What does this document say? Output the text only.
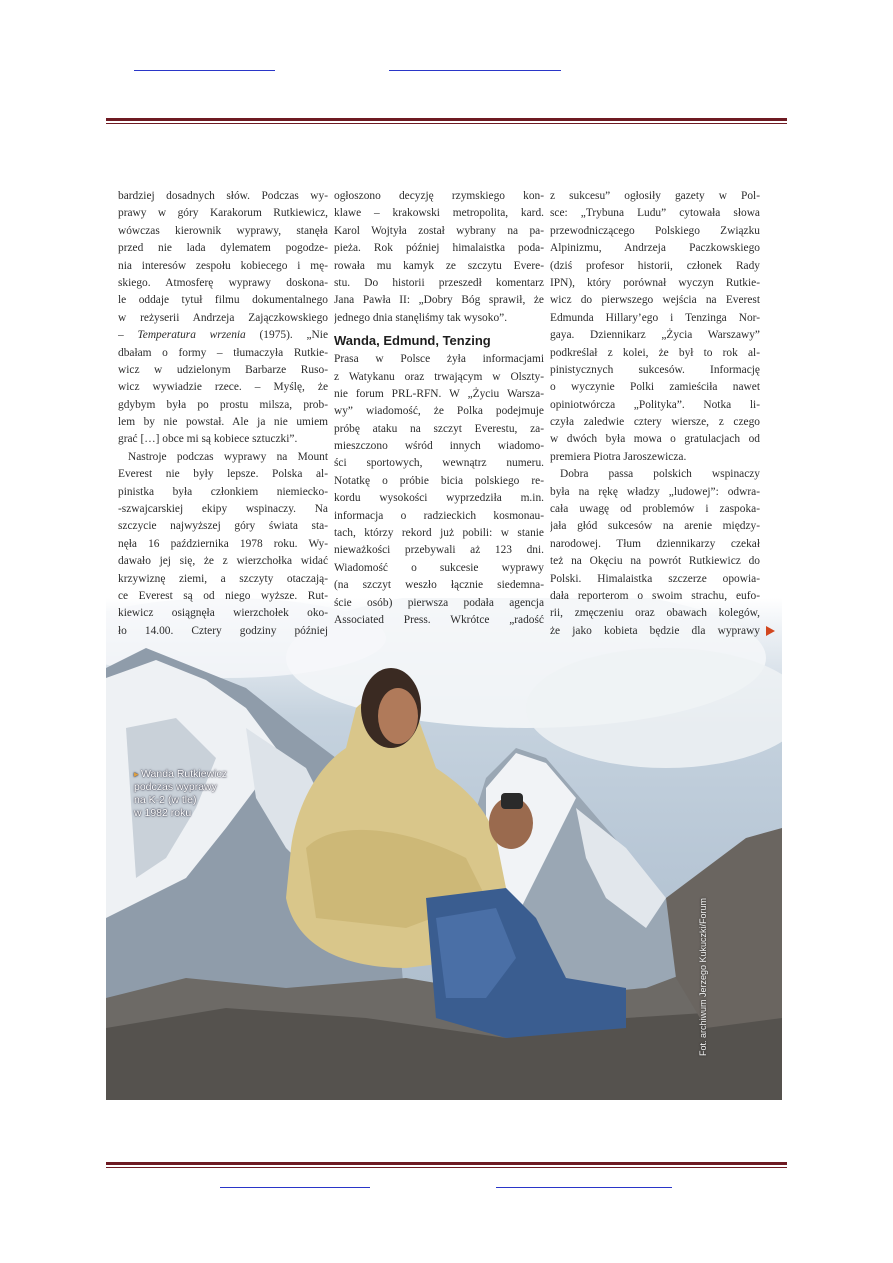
bardziej dosadnych słów. Podczas wy-
prawy w góry Karakorum Rutkiewicz,
wówczas kierownik wyprawy, stanęła
przed nie lada dylematem pogodze-
nia interesów zespołu kobiecego i mę-
skiego. Atmosferę wyprawy doskona-
le oddaje tytuł filmu dokumentalnego
w reżyserii Andrzeja Zajączkowskiego
– Temperatura wrzenia (1975). „Nie
dbałam o formy – tłumaczyła Rutkie-
wicz w udzielonym Barbarze Ruso-
wicz wywiadzie rzece. – Myślę, że
gdybym była po prostu milsza, prob-
lem by nie powstał. Ale ja nie umiem
grać […] obce mi są kobiece sztuczki”.
Nastroje podczas wyprawy na Mount
Everest nie były lepsze. Polska al-
pinistka była członkiem niemiecko-
-szwajcarskiej ekipy wspinaczy. Na
szczycie najwyższej góry świata sta-
nęła 16 października 1978 roku. Wy-
dawało jej się, że z wierzchołka widać
krzywiznę ziemi, a szczyty otaczają-
ce Everest są od niego wyższe. Rut-
kiewicz osiągnęła wierzchołek oko-
ło 14.00. Cztery godziny później
ogłoszono decyzję rzymskiego kon-
klawe – krakowski metropolita, kard.
Karol Wojtyła został wybrany na pa-
pieża. Rok później himalaistka poda-
rowała mu kamyk ze szczytu Evere-
stu. Do historii przeszedł komentarz
Jana Pawła II: „Dobry Bóg sprawił, że
jednego dnia stanęliśmy tak wysoko”.
Wanda, Edmund, Tenzing
Prasa w Polsce żyła informacjami
z Watykanu oraz trwającym w Olszty-
nie forum PRL-RFN. W „Życiu Warsza-
wy” wiadomość, że Polka podejmuje
próbę ataku na szczyt Everestu, za-
mieszczono wśród innych wiadomo-
ści sportowych, wewnątrz numeru.
Notatkę o próbie bicia polskiego re-
kordu wysokości wyprzedziła m.in.
informacja o radzieckich kosmonau-
tach, którzy rekord już pobili: w stanie
nieważkości przebywali aż 123 dni.
Wiadomość o sukcesie wyprawy
(na szczyt weszło łącznie siedemna-
ście osób) pierwsza podała agencja
Associated Press. Wkrótce „radość
z sukcesu” ogłosiły gazety w Pol-
sce: „Trybuna Ludu” cytowała słowa
przewodniczącego Polskiego Związku
Alpinizmu, Andrzeja Paczkowskiego
(dziś profesor historii, członek Rady
IPN), który porównał wyczyn Rutkie-
wicz do pierwszego wejścia na Everest
Edmunda Hillary’ego i Tenzinga Nor-
gaya. Dziennikarz „Życia Warszawy”
podkreślał z kolei, że był to rok al-
pinistycznych sukcesów. Informację
o wyczynie Polki zamieściła nawet
opiniotwórcza „Polityka”. Notka li-
czyła zaledwie cztery wiersze, z czego
w dwóch była mowa o gratulacjach od
premiera Piotra Jaroszewicza.
Dobra passa polskich wspinaczy
była na rękę władzy „ludowej”: odwra-
cała uwagę od problemów i zaspoka-
jała głód sukcesów na arenie między-
narodowej. Tłum dziennikarzy czekał
też na Okęciu na powrót Rutkiewicz do
Polski. Himalaistka szczerze opowia-
dała reporterom o swoim strachu, eufo-
rii, zmęczeniu oraz obawach kolegów,
że jako kobieta będzie dla wyprawy
▸ Wanda Rutkiewicz
podczas wyprawy
na K-2 (w tle)
w 1982 roku
Fot. archiwum Jerzego Kukuczki/Forum
